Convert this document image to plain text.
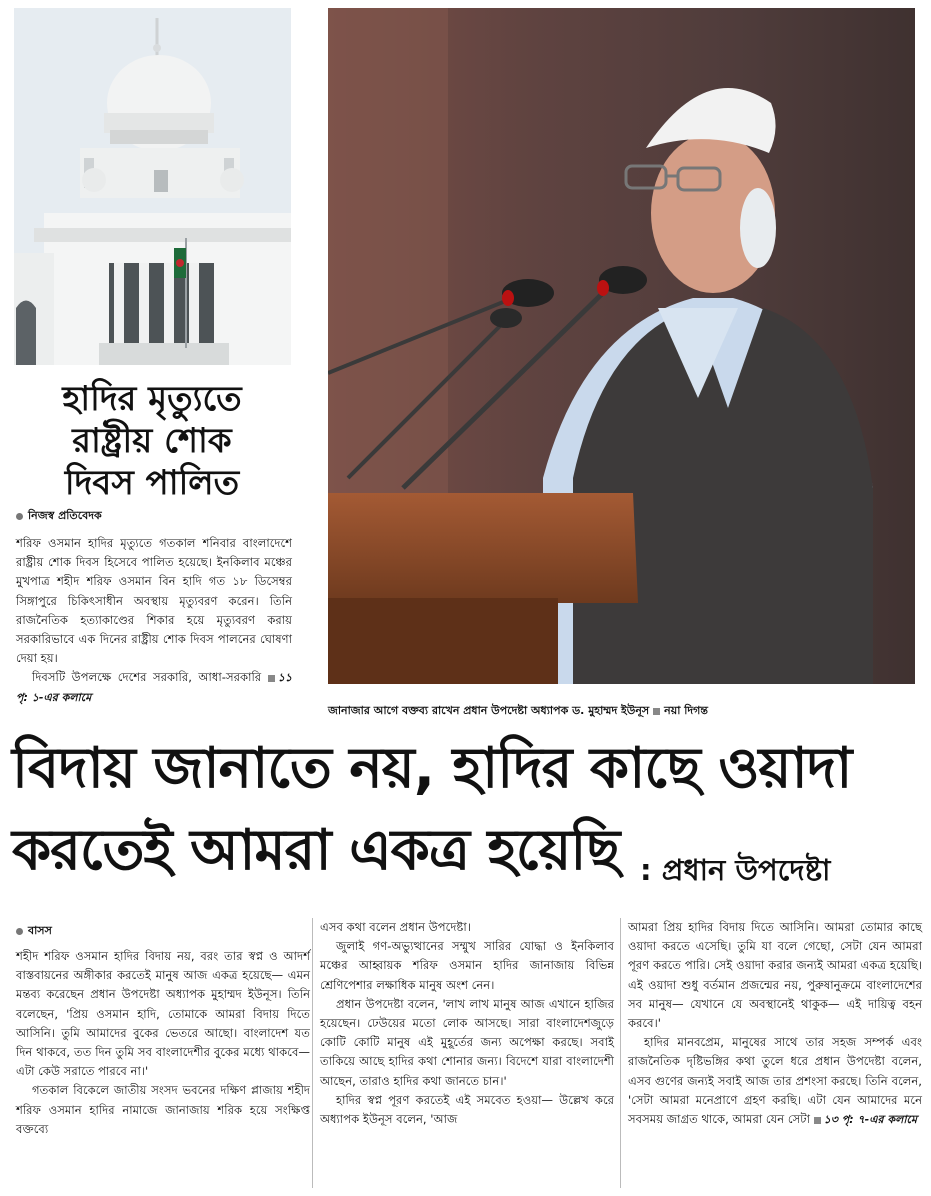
হাদির মৃত্যুতে
রাষ্ট্রীয় শোক
দিবস পালিত
নিজস্ব প্রতিবেদক

শরিফ ওসমান হাদির মৃত্যুতে গতকাল শনিবার বাংলাদেশে রাষ্ট্রীয় শোক দিবস হিসেবে পালিত হয়েছে। ইনকিলাব মঞ্চের মুখপাত্র শহীদ শরিফ ওসমান বিন হাদি গত ১৮ ডিসেম্বর সিঙ্গাপুরে চিকিৎসাধীন অবস্থায় মৃত্যুবরণ করেন। তিনি রাজনৈতিক হত্যাকাণ্ডের শিকার হয়ে মৃত্যুবরণ করায় সরকারিভাবে এক দিনের রাষ্ট্রীয় শোক দিবস পালনের ঘোষণা দেয়া হয়।

দিবসটি উপলক্ষে দেশের সরকারি, আধা-সরকারি ১১ পৃ: ১-এর কলামে

জানাজার আগে বক্তব্য রাখেন প্রধান উপদেষ্টা অধ্যাপক ড. মুহাম্মদ ইউনূস নয়া দিগন্ত
বিদায় জানাতে নয়, হাদির কাছে ওয়াদা
করতেই আমরা একত্র হয়েছি : প্রধান উপদেষ্টা
বাসস

শহীদ শরিফ ওসমান হাদির বিদায় নয়, বরং তার স্বপ্ন ও আদর্শ বাস্তবায়নের অঙ্গীকার করতেই মানুষ আজ একত্র হয়েছে— এমন মন্তব্য করেছেন প্রধান উপদেষ্টা অধ্যাপক মুহাম্মদ ইউনূস। তিনি বলেছেন, 'প্রিয় ওসমান হাদি, তোমাকে আমরা বিদায় দিতে আসিনি। তুমি আমাদের বুকের ভেতরে আছো। বাংলাদেশ যত দিন থাকবে, তত দিন তুমি সব বাংলাদেশীর বুকের মধ্যে থাকবে— এটা কেউ সরাতে পারবে না।'

গতকাল বিকেলে জাতীয় সংসদ ভবনের দক্ষিণ প্লাজায় শহীদ শরিফ ওসমান হাদির নামাজে জানাজায় শরিক হয়ে সংক্ষিপ্ত বক্তব্যে

এসব কথা বলেন প্রধান উপদেষ্টা।

জুলাই গণ-অভ্যুত্থানের সম্মুখ সারির যোদ্ধা ও ইনকিলাব মঞ্চের আহ্বায়ক শরিফ ওসমান হাদির জানাজায় বিভিন্ন শ্রেণিপেশার লক্ষাধিক মানুষ অংশ নেন।

প্রধান উপদেষ্টা বলেন, 'লাখ লাখ মানুষ আজ এখানে হাজির হয়েছেন। ঢেউয়ের মতো লোক আসছে। সারা বাংলাদেশজুড়ে কোটি কোটি মানুষ এই মুহূর্তের জন্য অপেক্ষা করছে। সবাই তাকিয়ে আছে হাদির কথা শোনার জন্য। বিদেশে যারা বাংলাদেশী আছেন, তারাও হাদির কথা জানতে চান।'

হাদির স্বপ্ন পূরণ করতেই এই সমবেত হওয়া— উল্লেখ করে অধ্যাপক ইউনূস বলেন, 'আজ

আমরা প্রিয় হাদির বিদায় দিতে আসিনি। আমরা তোমার কাছে ওয়াদা করতে এসেছি। তুমি যা বলে গেছো, সেটা যেন আমরা পূরণ করতে পারি। সেই ওয়াদা করার জন্যই আমরা একত্র হয়েছি। এই ওয়াদা শুধু বর্তমান প্রজন্মের নয়, পুরুষানুক্রমে বাংলাদেশের সব মানুষ— যেখানে যে অবস্থানেই থাকুক— এই দায়িত্ব বহন করবে।'

হাদির মানবপ্রেম, মানুষের সাথে তার সহজ সম্পর্ক এবং রাজনৈতিক দৃষ্টিভঙ্গির কথা তুলে ধরে প্রধান উপদেষ্টা বলেন, এসব গুণের জন্যই সবাই আজ তার প্রশংসা করছে। তিনি বলেন, 'সেটা আমরা মনেপ্রাণে গ্রহণ করছি। এটা যেন আমাদের মনে সবসময় জাগ্রত থাকে, আমরা যেন সেটা ১৩ পৃ: ৭-এর কলামে
